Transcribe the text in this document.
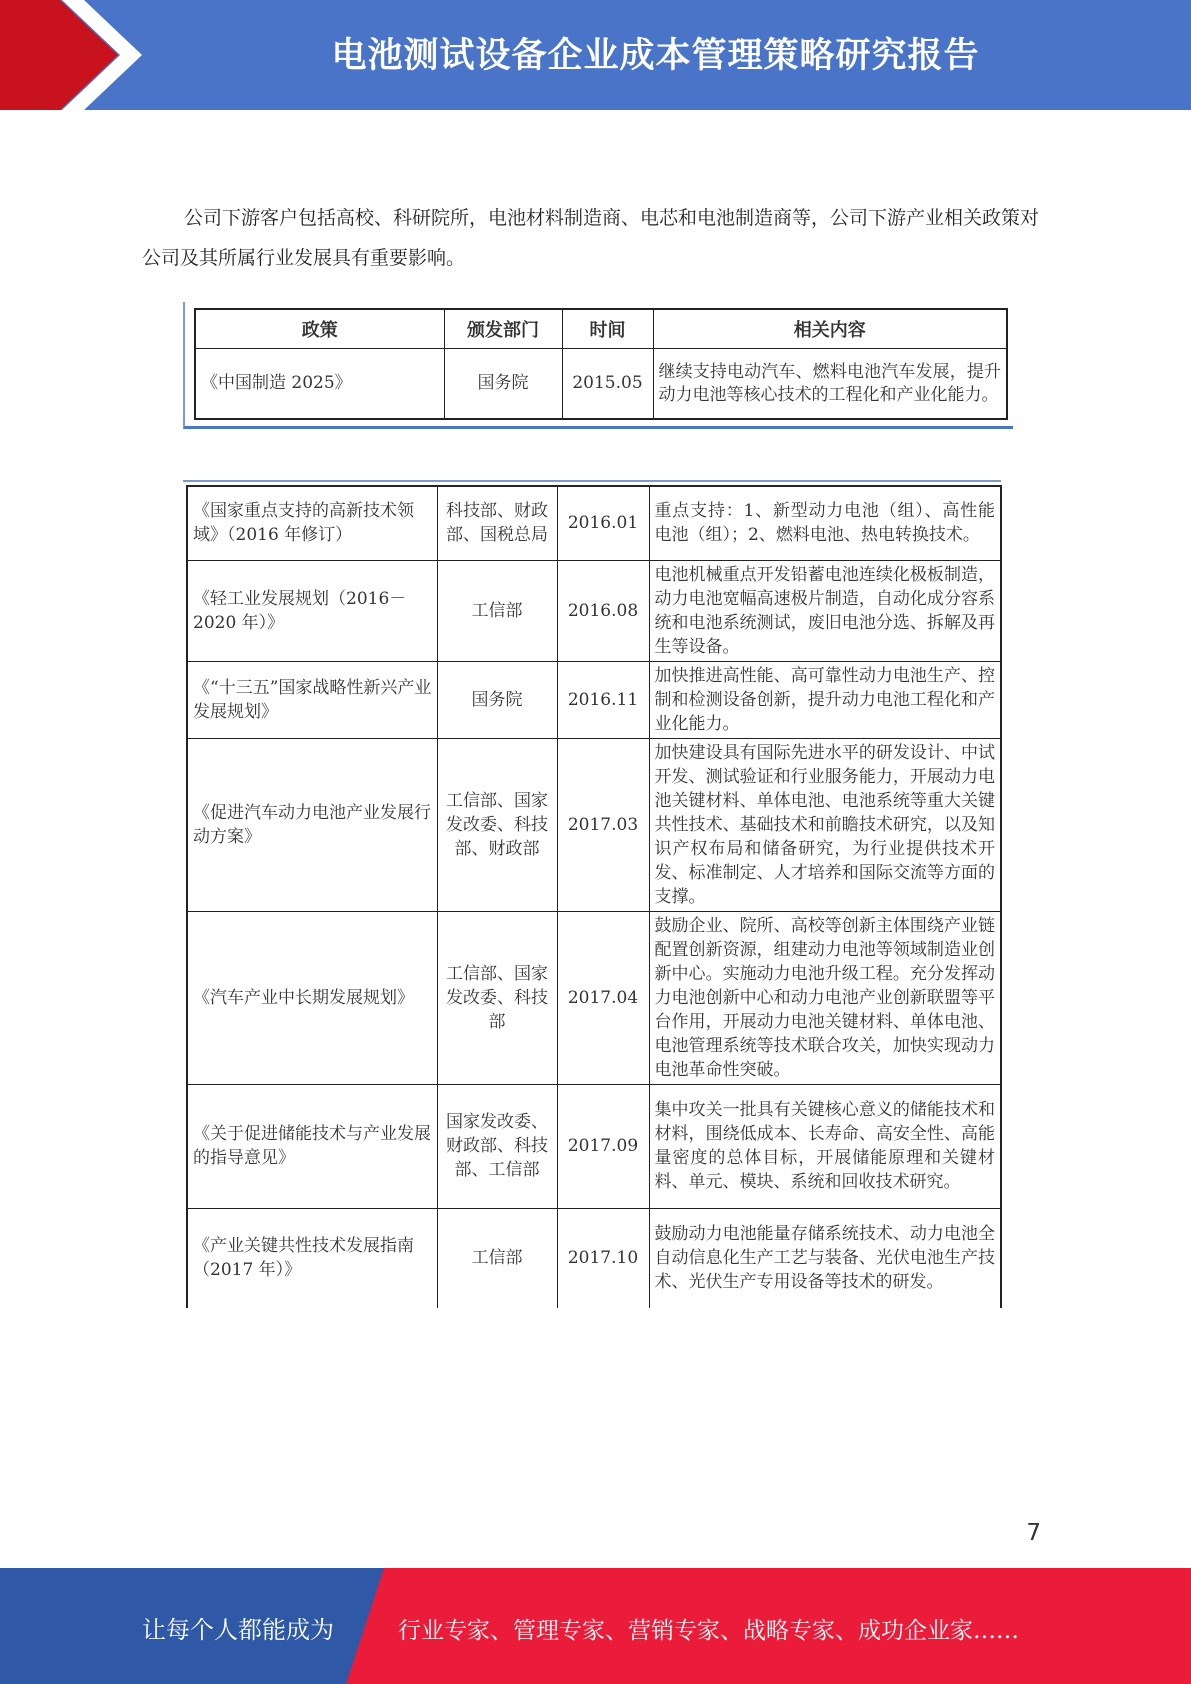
电池测试设备企业成本管理策略研究报告

公司下游客户包括高校、科研院所，电池材料制造商、电芯和电池制造商等，公司下游产业相关政策对公司及其所属行业发展具有重要影响。

政策	颁发部门	时间	相关内容
《中国制造 2025》	国务院	2015.05	继续支持电动汽车、燃料电池汽车发展，提升动力电池等核心技术的工程化和产业化能力。
《国家重点支持的高新技术领域》（2016 年修订）	科技部、财政部、国税总局	2016.01	重点支持：1、新型动力电池（组）、高性能电池（组）；2、燃料电池、热电转换技术。
《轻工业发展规划（2016－2020 年）》	工信部	2016.08	电池机械重点开发铅蓄电池连续化极板制造，动力电池宽幅高速极片制造，自动化成分容系统和电池系统测试，废旧电池分选、拆解及再生等设备。
《“十三五”国家战略性新兴产业发展规划》	国务院	2016.11	加快推进高性能、高可靠性动力电池生产、控制和检测设备创新，提升动力电池工程化和产业化能力。
《促进汽车动力电池产业发展行动方案》	工信部、国家发改委、科技部、财政部	2017.03	加快建设具有国际先进水平的研发设计、中试开发、测试验证和行业服务能力，开展动力电池关键材料、单体电池、电池系统等重大关键共性技术、基础技术和前瞻技术研究，以及知识产权布局和储备研究，为行业提供技术开发、标准制定、人才培养和国际交流等方面的支撑。
《汽车产业中长期发展规划》	工信部、国家发改委、科技部	2017.04	鼓励企业、院所、高校等创新主体围绕产业链配置创新资源，组建动力电池等领域制造业创新中心。实施动力电池升级工程。充分发挥动力电池创新中心和动力电池产业创新联盟等平台作用，开展动力电池关键材料、单体电池、电池管理系统等技术联合攻关，加快实现动力电池革命性突破。
《关于促进储能技术与产业发展的指导意见》	国家发改委、财政部、科技部、工信部	2017.09	集中攻关一批具有关键核心意义的储能技术和材料，围绕低成本、长寿命、高安全性、高能量密度的总体目标，开展储能原理和关键材料、单元、模块、系统和回收技术研究。
《产业关键共性技术发展指南（2017 年）》	工信部	2017.10	鼓励动力电池能量存储系统技术、动力电池全自动信息化生产工艺与装备、光伏电池生产技术、光伏生产专用设备等技术的研发。
7
让每个人都能成为	行业专家、管理专家、营销专家、战略专家、成功企业家……
